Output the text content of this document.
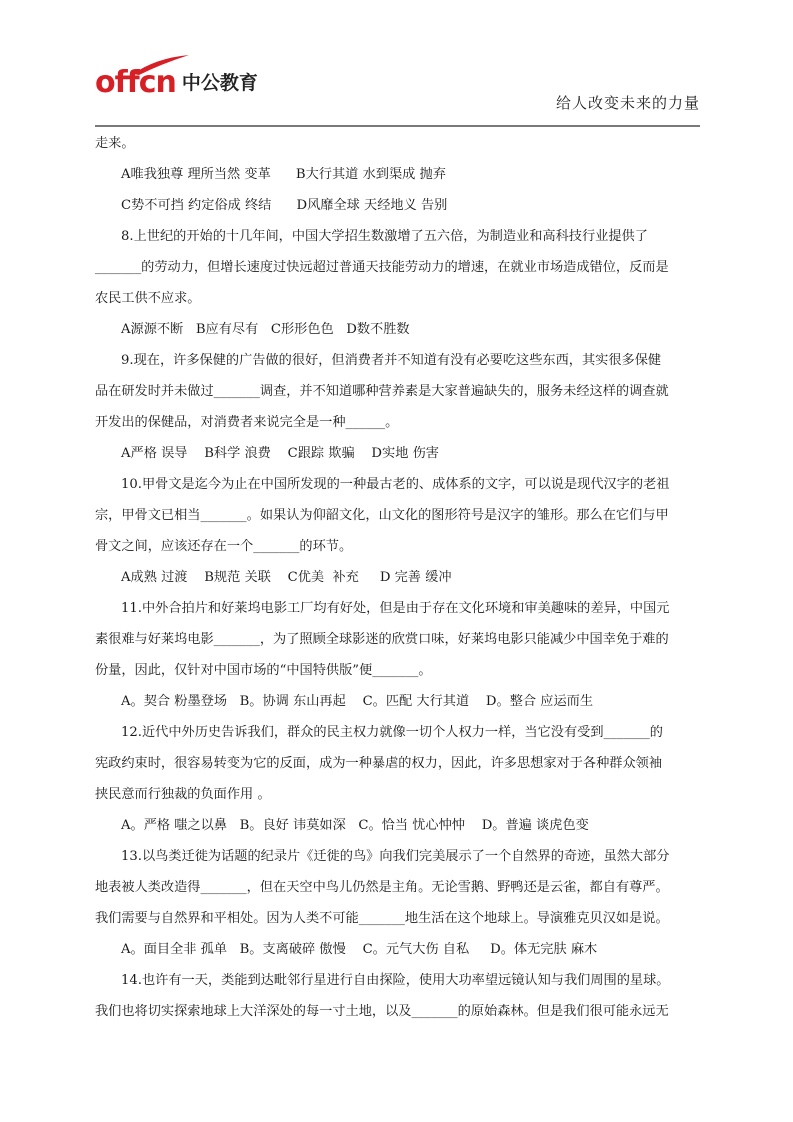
offcn 中公教育
给人改变未来的力量

走来。

A唯我独尊 理所当然 变革      B大行其道 水到渠成 抛弃

C势不可挡 约定俗成 终结      D风靡全球 天经地义 告别

8.上世纪的开始的十几年间，中国大学招生数激增了五六倍，为制造业和高科技行业提供了

_______的劳动力，但增长速度过快远超过普通天技能劳动力的增速，在就业市场造成错位，反而是

农民工供不应求。

A源源不断   B应有尽有   C形形色色   D数不胜数

9.现在，许多保健的广告做的很好，但消费者并不知道有没有必要吃这些东西，其实很多保健

品在研发时并未做过_______调查，并不知道哪种营养素是大家普遍缺失的，服务未经这样的调查就

开发出的保健品，对消费者来说完全是一种______。

A严格 误导    B科学 浪费    C跟踪 欺骗    D实地 伤害

10.甲骨文是迄今为止在中国所发现的一种最古老的、成体系的文字，可以说是现代汉字的老祖

宗，甲骨文已相当_______。如果认为仰韶文化，山文化的图形符号是汉字的雏形。那么在它们与甲

骨文之间，应该还存在一个_______的环节。

A成熟 过渡    B规范 关联    C优美  补充     D 完善 缓冲

11.中外合拍片和好莱坞电影工厂均有好处，但是由于存在文化环境和审美趣味的差异，中国元

素很难与好莱坞电影_______，为了照顾全球影迷的欣赏口味，好莱坞电影只能减少中国幸免于难的

份量，因此，仅针对中国市场的“中国特供版”便_______。

A。契合 粉墨登场   B。协调 东山再起    C。匹配 大行其道    D。整合 应运而生

12.近代中外历史告诉我们，群众的民主权力就像一切个人权力一样，当它没有受到_______的

宪政约束时，很容易转变为它的反面，成为一种暴虐的权力，因此，许多思想家对于各种群众领袖

挟民意而行独裁的负面作用 。

A。严格 嗤之以鼻   B。良好 讳莫如深   C。恰当 忧心忡忡    D。普遍 谈虎色变

13.以鸟类迁徙为话题的纪录片《迁徙的鸟》向我们完美展示了一个自然界的奇迹，虽然大部分

地表被人类改造得_______，但在天空中鸟儿仍然是主角。无论雪鹅、野鸭还是云雀，都自有尊严。

我们需要与自然界和平相处。因为人类不可能_______地生活在这个地球上。导演雅克贝汉如是说。

A。面目全非 孤单   B。支离破碎 傲慢    C。元气大伤 自私     D。体无完肤 麻木

14.也许有一天，类能到达毗邻行星进行自由探险，使用大功率望远镜认知与我们周围的星球。

我们也将切实探索地球上大洋深处的每一寸土地，以及_______的原始森林。但是我们很可能永远无
